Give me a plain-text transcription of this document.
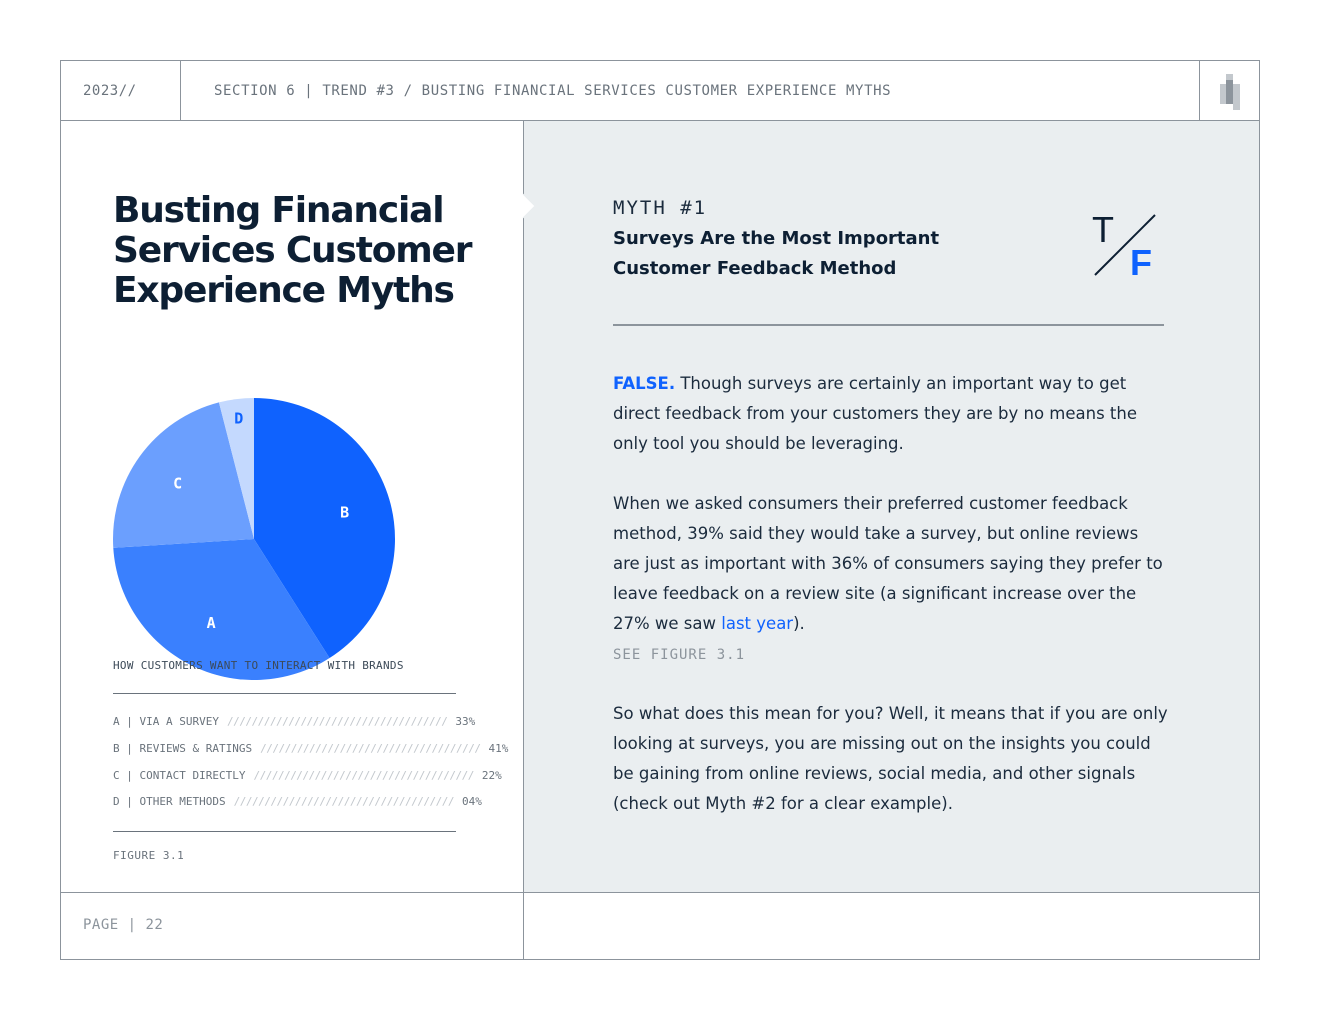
2023//	SECTION 6 | TREND #3 / BUSTING FINANCIAL SERVICES CUSTOMER EXPERIENCE MYTHS
Busting Financial
Services Customer
Experience Myths
B
A
C
D
HOW CUSTOMERS WANT TO INTERACT WITH BRANDS
A | VIA A SURVEY //////////////////////////////////// 33%
B | REVIEWS & RATINGS //////////////////////////////////// 41%
C | CONTACT DIRECTLY //////////////////////////////////// 22%
D | OTHER METHODS //////////////////////////////////// 04%
FIGURE 3.1
MYTH #1
Surveys Are the Most Important
Customer Feedback Method
T
F

FALSE. Though surveys are certainly an important way to get direct feedback from your customers they are by no means the only tool you should be leveraging.

When we asked consumers their preferred customer feedback method, 39% said they would take a survey, but online reviews are just as important with 36% of consumers saying they prefer to leave feedback on a review site (a significant increase over the 27% we saw last year).

SEE FIGURE 3.1

So what does this mean for you? Well, it means that if you are only looking at surveys, you are missing out on the insights you could be gaining from online reviews, social media, and other signals (check out Myth #2 for a clear example).

PAGE | 22
